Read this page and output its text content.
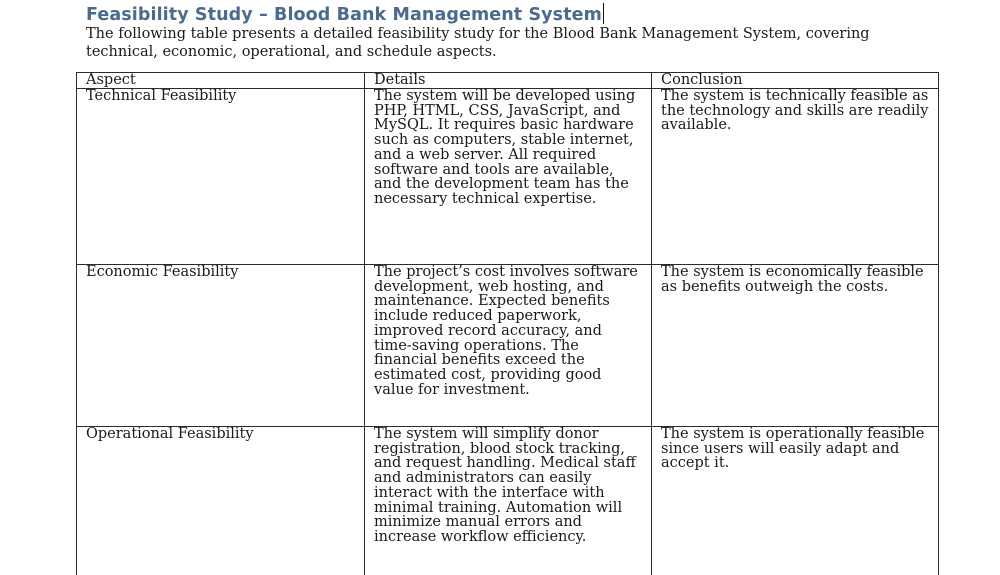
Feasibility Study – Blood Bank Management System

The following table presents a detailed feasibility study for the Blood Bank Management System, covering technical, economic, operational, and schedule aspects.

Aspect	Details	Conclusion

Technical Feasibility	The system will be developed using PHP, HTML, CSS, JavaScript, and MySQL. It requires basic hardware such as computers, stable internet, and a web server. All required software and tools are available, and the development team has the necessary technical expertise.	The system is technically feasible as the technology and skills are readily available.

Economic Feasibility	The project’s cost involves software development, web hosting, and maintenance. Expected benefits include reduced paperwork, improved record accuracy, and time-saving operations. The financial benefits exceed the estimated cost, providing good value for investment.	The system is economically feasible as benefits outweigh the costs.

Operational Feasibility	The system will simplify donor registration, blood stock tracking, and request handling. Medical staff and administrators can easily interact with the interface with minimal training. Automation will minimize manual errors and increase workflow efficiency.	The system is operationally feasible since users will easily adapt and accept it.
